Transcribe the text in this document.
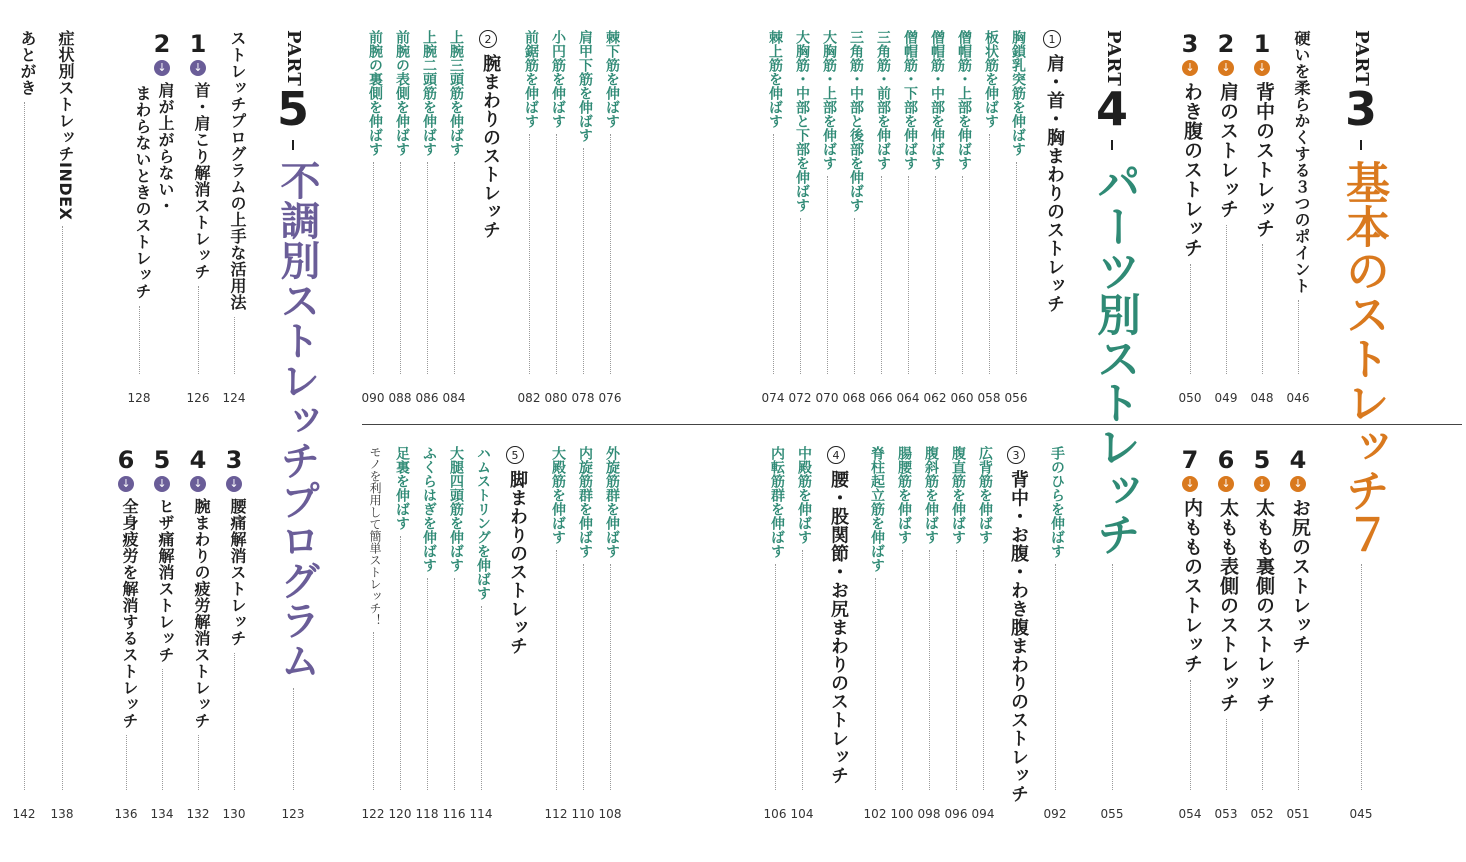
PART
3
基本のストレッチ７
045
硬いを柔らかくする３つのポイント
046
1
↓
背中のストレッチ
048
2
↓
肩のストレッチ
049
3
↓
わき腹のストレッチ
050
4
↓
お尻のストレッチ
051
5
↓
太もも裏側のストレッチ
052
6
↓
太もも表側のストレッチ
053
7
↓
内もものストレッチ
054
PART
4
パーツ別ストレッチ
055
1
肩・首・胸まわりのストレッチ
胸鎖乳突筋を伸ばす
056
板状筋を伸ばす
058
僧帽筋・上部を伸ばす
060
僧帽筋・中部を伸ばす
062
僧帽筋・下部を伸ばす
064
三角筋・前部を伸ばす
066
三角筋・中部と後部を伸ばす
068
大胸筋・上部を伸ばす
070
大胸筋・中部と下部を伸ばす
072
棘上筋を伸ばす
074
棘下筋を伸ばす
076
肩甲下筋を伸ばす
078
小円筋を伸ばす
080
前鋸筋を伸ばす
082
2
腕まわりのストレッチ
上腕三頭筋を伸ばす
084
上腕二頭筋を伸ばす
086
前腕の表側を伸ばす
088
前腕の裏側を伸ばす
090
手のひらを伸ばす
092
3
背中・お腹・わき腹まわりのストレッチ
広背筋を伸ばす
094
腹直筋を伸ばす
096
腹斜筋を伸ばす
098
腸腰筋を伸ばす
100
脊柱起立筋を伸ばす
102
4
腰・股関節・お尻まわりのストレッチ
中殿筋を伸ばす
104
内転筋群を伸ばす
106
5
脚まわりのストレッチ	外旋筋群を伸ばす
108
内旋筋群を伸ばす
110
大殿筋を伸ばす
112
ハムストリングを伸ばす
114
大腿四頭筋を伸ばす
116
ふくらはぎを伸ばす
118
足裏を伸ばす
120
モノを利用して簡単ストレッチ！
122
PART
5
不調別ストレッチプログラム
123
ストレッチプログラムの上手な活用法
124
1
↓
首・肩こり解消ストレッチ
126
2
↓
肩が上がらない・
まわらないときのストレッチ
128
3
↓
腰痛解消ストレッチ
130
4
↓
腕まわりの疲労解消ストレッチ
132
5
↓
ヒザ痛解消ストレッチ
134
6
↓
全身疲労を解消するストレッチ
136
症状別ストレッチINDEX
138
あとがき
142
